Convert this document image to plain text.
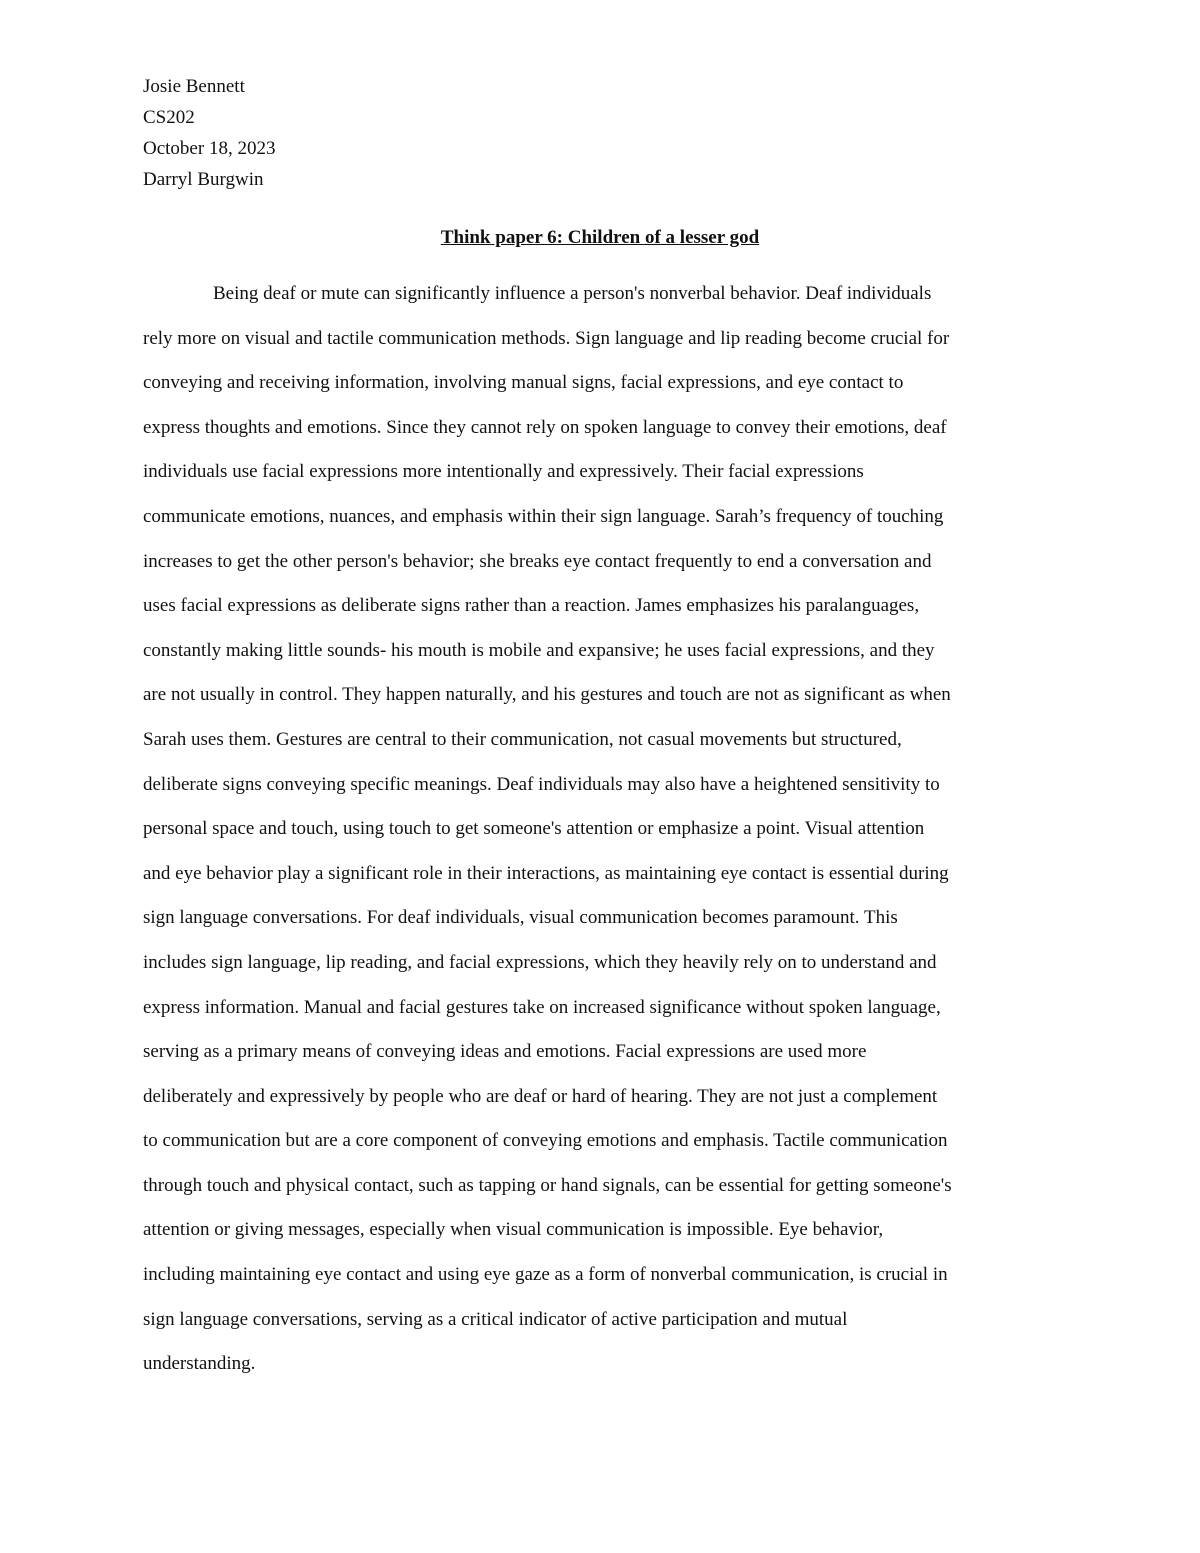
Josie Bennett
CS202
October 18, 2023
Darryl Burgwin
Think paper 6: Children of a lesser god
Being deaf or mute can significantly influence a person's nonverbal behavior. Deaf individuals
rely more on visual and tactile communication methods. Sign language and lip reading become crucial for
conveying and receiving information, involving manual signs, facial expressions, and eye contact to
express thoughts and emotions. Since they cannot rely on spoken language to convey their emotions, deaf
individuals use facial expressions more intentionally and expressively. Their facial expressions
communicate emotions, nuances, and emphasis within their sign language. Sarah’s frequency of touching
increases to get the other person's behavior; she breaks eye contact frequently to end a conversation and
uses facial expressions as deliberate signs rather than a reaction. James emphasizes his paralanguages,
constantly making little sounds- his mouth is mobile and expansive; he uses facial expressions, and they
are not usually in control. They happen naturally, and his gestures and touch are not as significant as when
Sarah uses them. Gestures are central to their communication, not casual movements but structured,
deliberate signs conveying specific meanings. Deaf individuals may also have a heightened sensitivity to
personal space and touch, using touch to get someone's attention or emphasize a point. Visual attention
and eye behavior play a significant role in their interactions, as maintaining eye contact is essential during
sign language conversations. For deaf individuals, visual communication becomes paramount. This
includes sign language, lip reading, and facial expressions, which they heavily rely on to understand and
express information. Manual and facial gestures take on increased significance without spoken language,
serving as a primary means of conveying ideas and emotions. Facial expressions are used more
deliberately and expressively by people who are deaf or hard of hearing. They are not just a complement
to communication but are a core component of conveying emotions and emphasis. Tactile communication
through touch and physical contact, such as tapping or hand signals, can be essential for getting someone's
attention or giving messages, especially when visual communication is impossible. Eye behavior,
including maintaining eye contact and using eye gaze as a form of nonverbal communication, is crucial in
sign language conversations, serving as a critical indicator of active participation and mutual
understanding.
